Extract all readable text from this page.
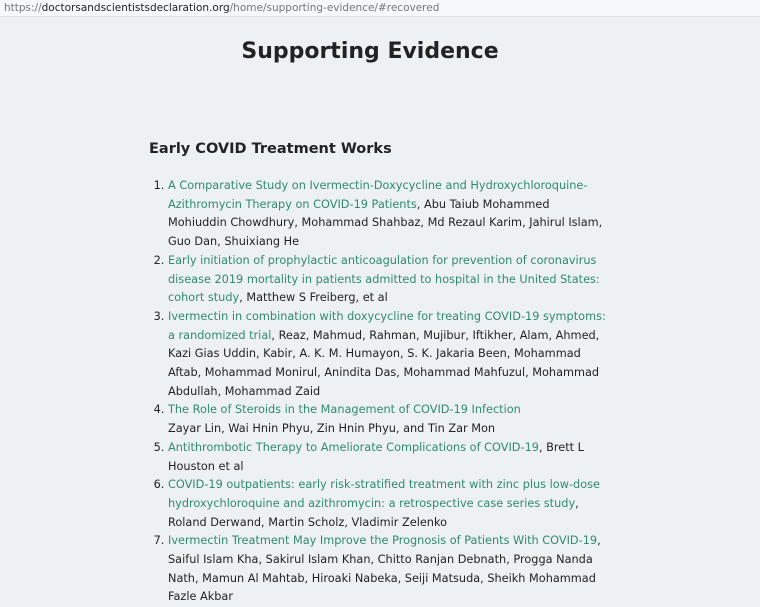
https://doctorsandscientistsdeclaration.org/home/supporting-evidence/#recovered
Supporting Evidence
Early COVID Treatment Works
1. A Comparative Study on Ivermectin-Doxycycline and Hydroxychloroquine-Azithromycin Therapy on COVID-19 Patients, Abu Taiub Mohammed Mohiuddin Chowdhury, Mohammad Shahbaz, Md Rezaul Karim, Jahirul Islam, Guo Dan, Shuixiang He
2. Early initiation of prophylactic anticoagulation for prevention of coronavirus disease 2019 mortality in patients admitted to hospital in the United States: cohort study, Matthew S Freiberg, et al
3. Ivermectin in combination with doxycycline for treating COVID-19 symptoms: a randomized trial, Reaz, Mahmud, Rahman, Mujibur, Iftikher, Alam, Ahmed, Kazi Gias Uddin, Kabir, A. K. M. Humayon, S. K. Jakaria Been, Mohammad Aftab, Mohammad Monirul, Anindita Das, Mohammad Mahfuzul, Mohammad Abdullah, Mohammad Zaid
4. The Role of Steroids in the Management of COVID-19 Infection
Zayar Lin, Wai Hnin Phyu, Zin Hnin Phyu, and Tin Zar Mon
5. Antithrombotic Therapy to Ameliorate Complications of COVID-19, Brett L Houston et al
6. COVID-19 outpatients: early risk-stratified treatment with zinc plus low-dose hydroxychloroquine and azithromycin: a retrospective case series study, Roland Derwand, Martin Scholz, Vladimir Zelenko
7. Ivermectin Treatment May Improve the Prognosis of Patients With COVID-19, Saiful Islam Kha, Sakirul Islam Khan, Chitto Ranjan Debnath, Progga Nanda Nath, Mamun Al Mahtab, Hiroaki Nabeka, Seiji Matsuda, Sheikh Mohammad Fazle Akbar
